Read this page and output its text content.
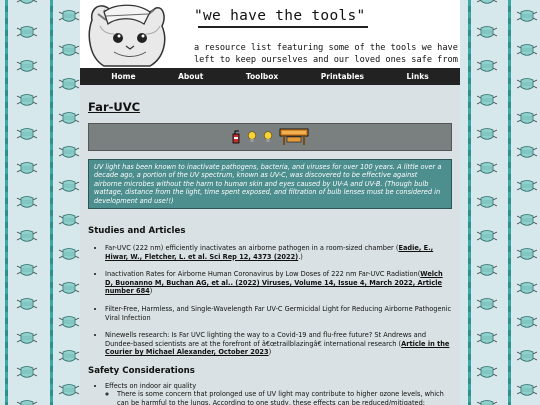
"we have the tools"
a resource list featuring some of the tools we have left to keep ourselves and our loved ones safe from
Home	About	Toolbox	Printables	Links
Far-UVC
UV light has been known to inactivate pathogens, bacteria, and viruses for over 100 years. A little over a decade ago, a portion of the UV spectrum, known as UV-C, was discovered to be effective against airborne microbes without the harm to human skin and eyes caused by UV-A and UV-B. (Though bulb wattage, distance from the light, time spent exposed, and filtration of bulb lenses must be considered in development and use!!)
Studies and Articles
• Far-UVC (222 nm) efficiently inactivates an airborne pathogen in a room-sized chamber (Eadie, E., Hiwar, W., Fletcher, L. et al. Sci Rep 12, 4373 (2022).)
• Inactivation Rates for Airborne Human Coronavirus by Low Doses of 222 nm Far-UVC Radiation(Welch D, Buonanno M, Buchan AG, et al.. (2022) Viruses, Volume 14, Issue 4, March 2022, Article number 684)
• Filter-Free, Harmless, and Single-Wavelength Far UV-C Germicidal Light for Reducing Airborne Pathogenic Viral Infection
• Ninewells research: Is Far UVC lighting the way to a Covid-19 and flu-free future? St Andrews and Dundee-based scientists are at the forefront of â€œtrailblazingâ€ international research (Article in the Courier by Michael Alexander, October 2023)
Safety Considerations
• Effects on indoor air quality
◦ There is some concern that prolonged use of UV light may contribute to higher ozone levels, which can be harmful to the lungs. According to one study, these effects can be reduced/mitigated:
